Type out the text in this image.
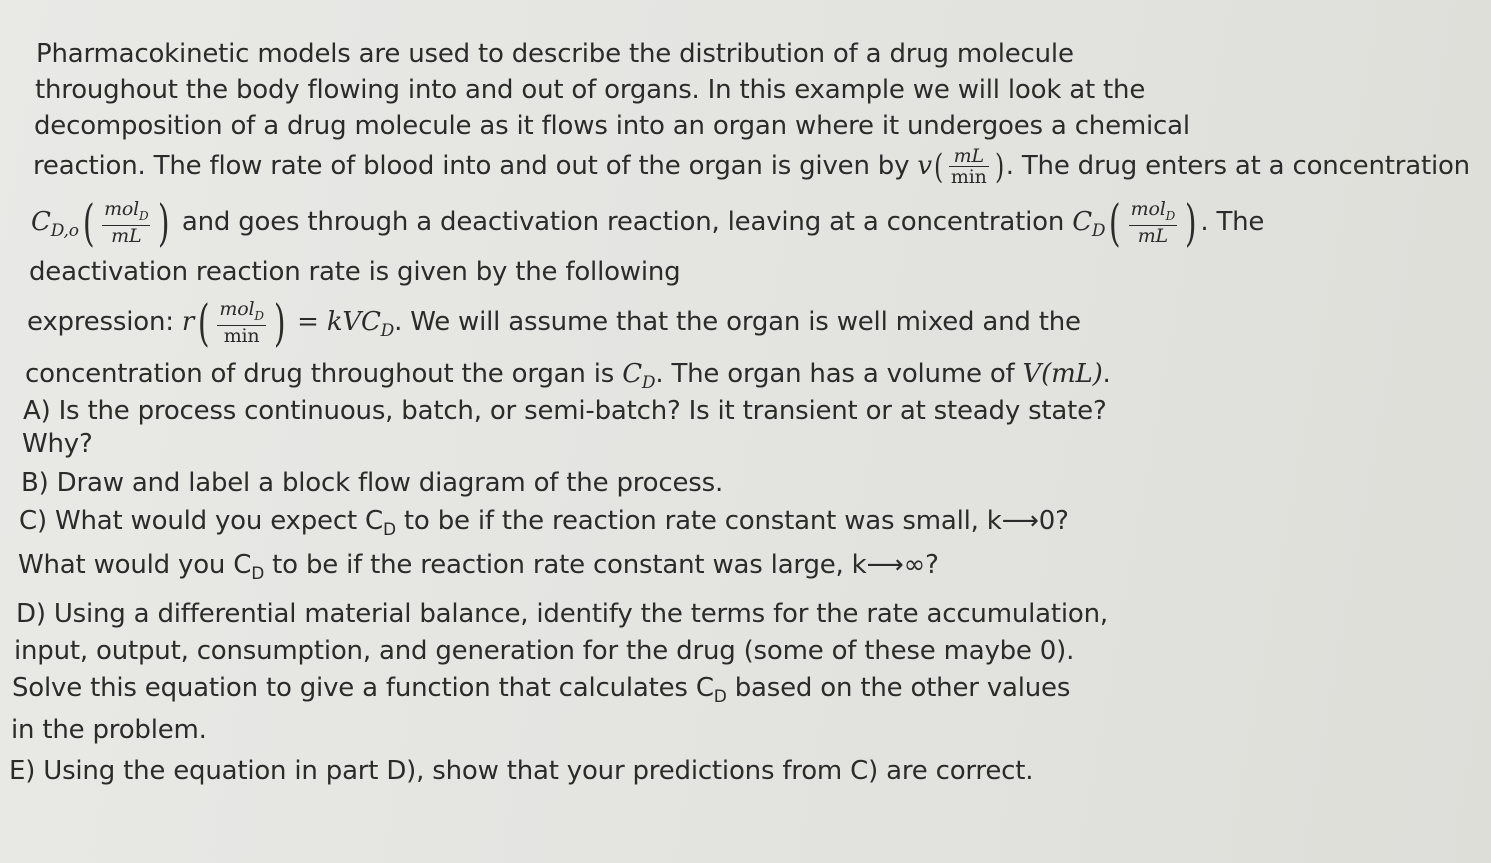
Pharmacokinetic models are used to describe the distribution of a drug molecule
throughout the body flowing into and out of organs. In this example we will look at the
decomposition of a drug molecule as it flows into an organ where it undergoes a chemical
reaction. The flow rate of blood into and out of the organ is given by $v( \frac{mL}{\min}$ ). The drug enters at a concentration
$C_{D,o}( \frac{mol_D}{mL}$ ) and goes through a deactivation reaction, leaving at a concentration $C_D( \frac{mol_D}{mL}$ ) . The
deactivation reaction rate is given by the following
expression: $r( \frac{mol_D}{\min}$ ) = kVC$_D$. We will assume that the organ is well mixed and the
concentration of drug throughout the organ is $C_D$. The organ has a volume of V(mL).
A) Is the process continuous, batch, or semi-batch? Is it transient or at steady state?
Why?
B) Draw and label a block flow diagram of the process.
C) What would you expect $C_D$ to be if the reaction rate constant was small, k⟶0?
What would you $C_D$ to be if the reaction rate constant was large, k⟶∞?
D) Using a differential material balance, identify the terms for the rate accumulation,
input, output, consumption, and generation for the drug (some of these maybe 0).
Solve this equation to give a function that calculates $C_D$ based on the other values
in the problem.
E) Using the equation in part D), show that your predictions from C) are correct.
